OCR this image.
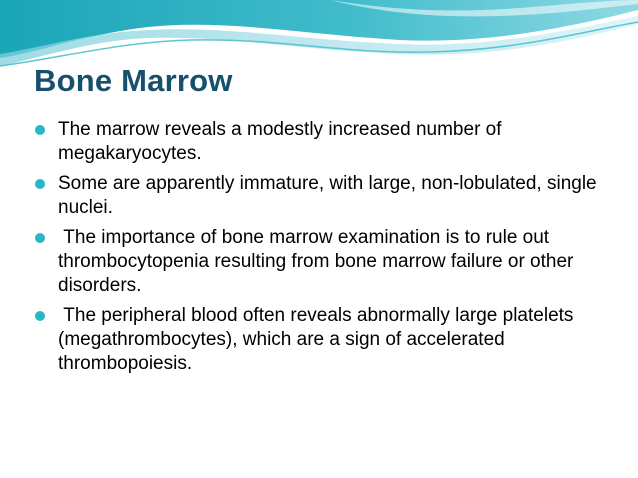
Bone Marrow
The marrow reveals a modestly increased number of megakaryocytes.
Some are apparently immature, with large, non-lobulated, single nuclei.
The importance of bone marrow examination is to rule out thrombocytopenia resulting from bone marrow failure or other disorders.
The peripheral blood often reveals abnormally large platelets (megathrombocytes), which are a sign of accelerated thrombopoiesis.
